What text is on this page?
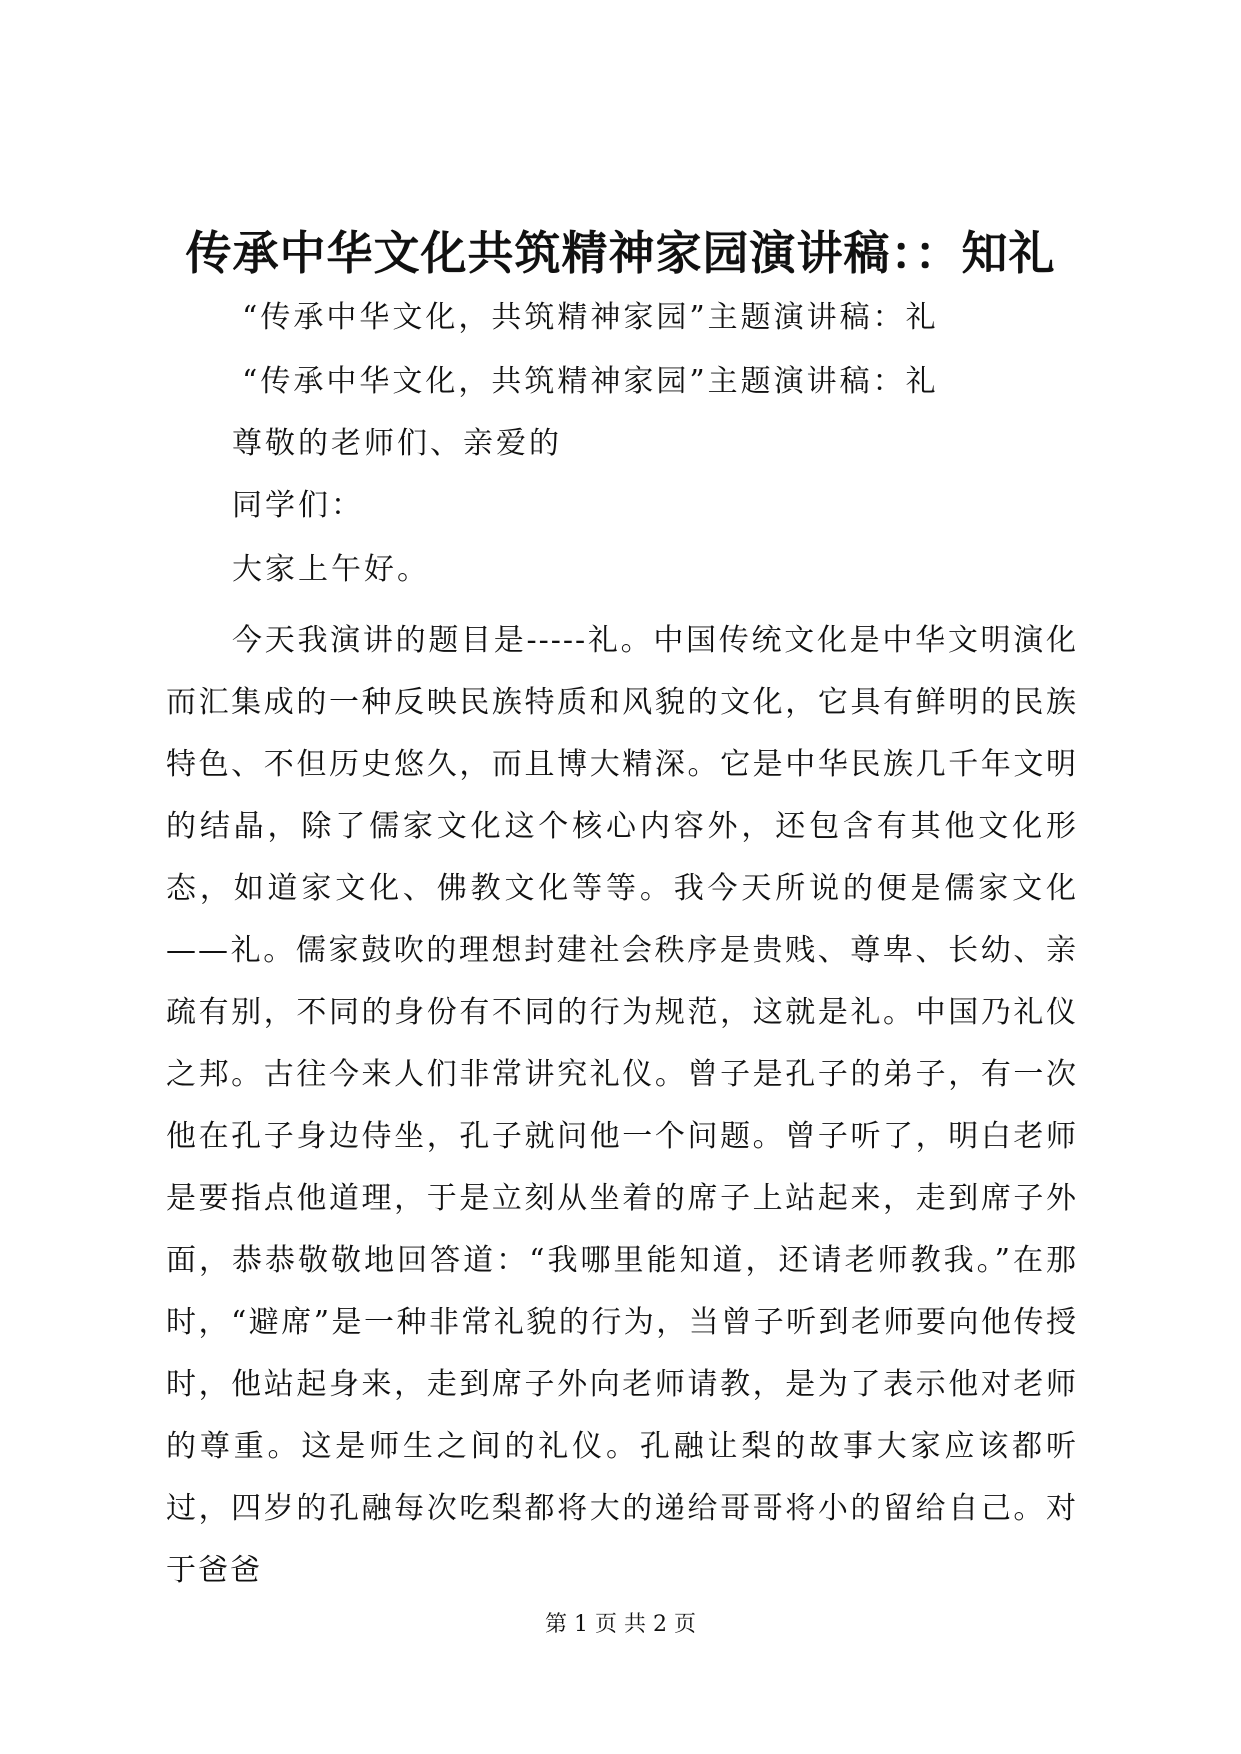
传承中华文化共筑精神家园演讲稿：：知礼
“传承中华文化，共筑精神家园”主题演讲稿：礼
“传承中华文化，共筑精神家园”主题演讲稿：礼
尊敬的老师们、亲爱的
同学们：
大家上午好。
今天我演讲的题目是-----礼。中国传统文化是中华文明演化而汇集成的一种反映民族特质和风貌的文化，它具有鲜明的民族特色、不但历史悠久，而且博大精深。它是中华民族几千年文明的结晶，除了儒家文化这个核心内容外，还包含有其他文化形态，如道家文化、佛教文化等等。我今天所说的便是儒家文化——礼。儒家鼓吹的理想封建社会秩序是贵贱、尊卑、长幼、亲疏有别，不同的身份有不同的行为规范，这就是礼。中国乃礼仪之邦。古往今来人们非常讲究礼仪。曾子是孔子的弟子，有一次他在孔子身边侍坐，孔子就问他一个问题。曾子听了，明白老师是要指点他道理，于是立刻从坐着的席子上站起来，走到席子外面，恭恭敬敬地回答道：“我哪里能知道，还请老师教我。”在那时，“避席”是一种非常礼貌的行为，当曾子听到老师要向他传授时，他站起身来，走到席子外向老师请教，是为了表示他对老师的尊重。这是师生之间的礼仪。孔融让梨的故事大家应该都听过，四岁的孔融每次吃梨都将大的递给哥哥将小的留给自己。对于爸爸
第 1 页 共 2 页
